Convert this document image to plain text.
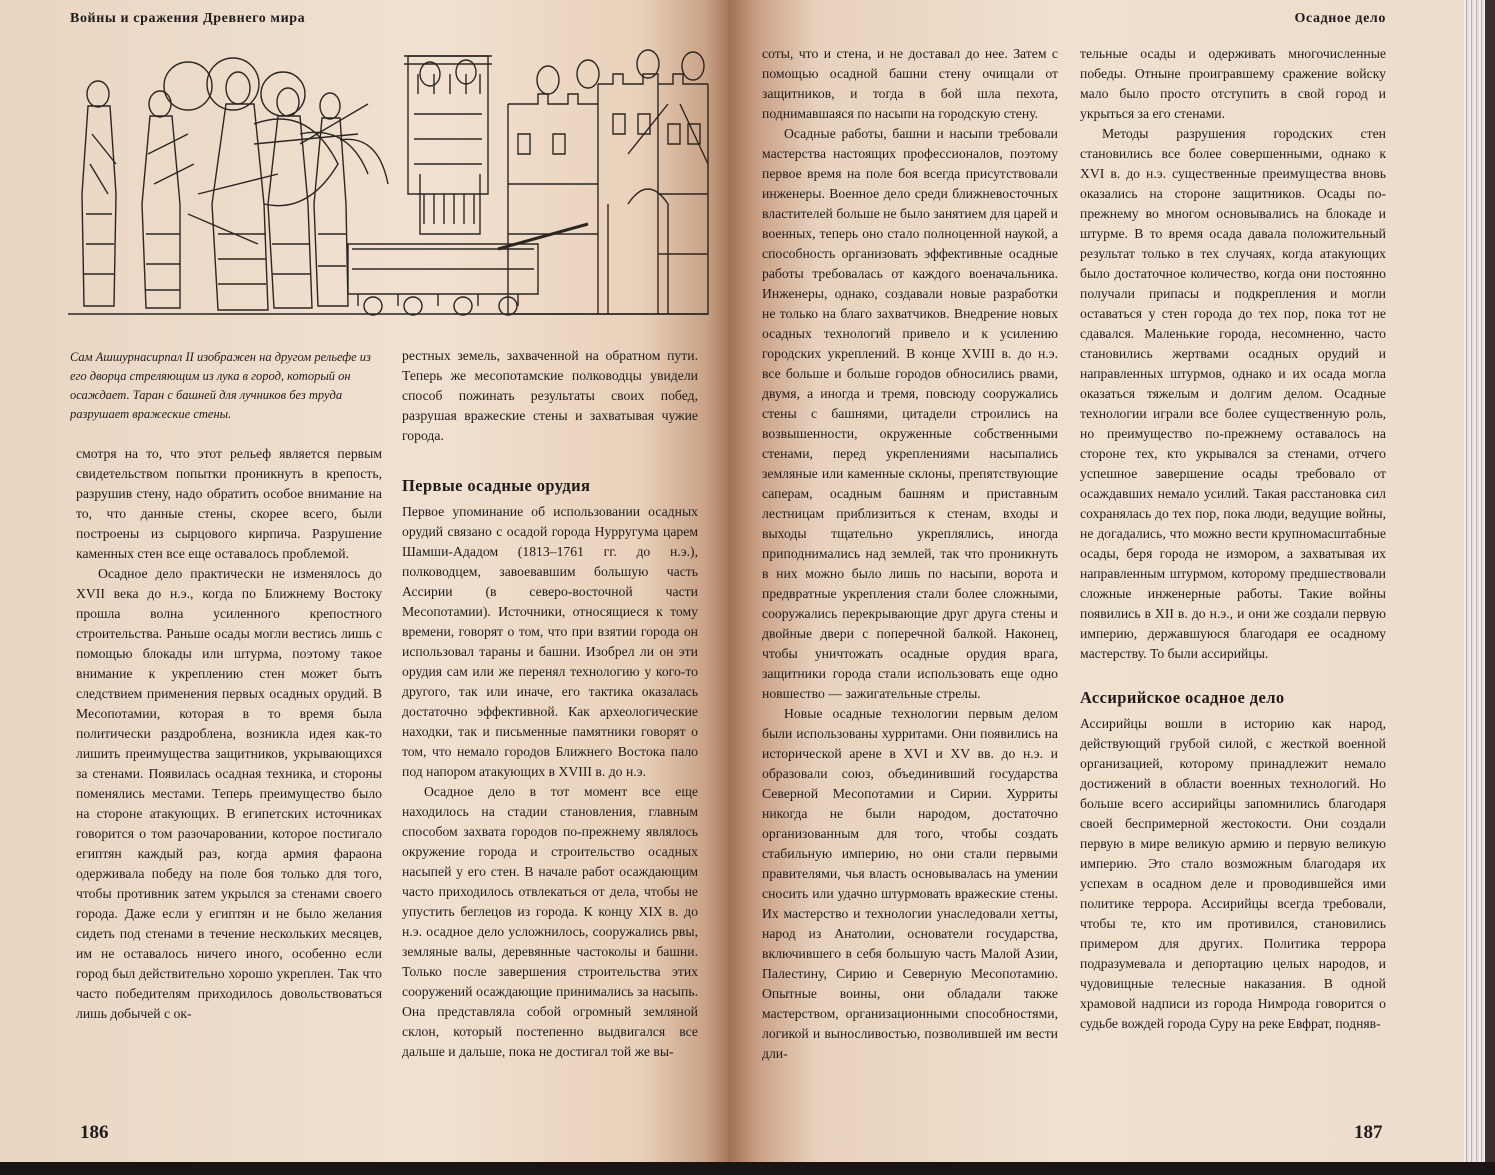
Войны и сражения Древнего мира
Сам Ашшурнасирпал II изображен на другом рельефе из его дворца стреляющим из лука в город, который он осаждает. Таран с башней для лучников без труда разрушает вражеские стены.

смотря на то, что этот рельеф является первым свидетельством попытки проникнуть в крепость, разрушив стену, надо обратить особое внимание на то, что данные стены, скорее всего, были построены из сырцового кирпича. Разрушение каменных стен все еще оставалось проблемой.

Осадное дело практически не изменялось до XVII века до н.э., когда по Ближнему Востоку прошла волна усиленного крепостного строительства. Раньше осады могли вестись лишь с помощью блокады или штурма, поэтому такое внимание к укреплению стен может быть следствием применения первых осадных орудий. В Месопотамии, которая в то время была политически раздроблена, возникла идея как-то лишить преимущества защитников, укрывающихся за стенами. Появилась осадная техника, и стороны поменялись местами. Теперь преимущество было на стороне атакующих. В египетских источниках говорится о том разочаровании, которое постигало египтян каждый раз, когда армия фараона одерживала победу на поле боя только для того, чтобы противник затем укрылся за стенами своего города. Даже если у египтян и не было желания сидеть под стенами в течение нескольких месяцев, им не оставалось ничего иного, особенно если город был действительно хорошо укреплен. Так что часто победителям приходилось довольствоваться лишь добычей с ок-

рестных земель, захваченной на обратном пути. Теперь же месопотамские полководцы увидели способ пожинать результаты своих побед, разрушая вражеские стены и захватывая чужие города.

Первые осадные орудия

Первое упоминание об использовании осадных орудий связано с осадой города Нурругума царем Шамши-Ададом (1813–1761 гг. до н.э.), полководцем, завоевавшим большую часть Ассирии (в северо-восточной части Месопотамии). Источники, относящиеся к тому времени, говорят о том, что при взятии города он использовал тараны и башни. Изобрел ли он эти орудия сам или же перенял технологию у кого-то другого, так или иначе, его тактика оказалась достаточно эффективной. Как археологические находки, так и письменные памятники говорят о том, что немало городов Ближнего Востока пало под напором атакующих в XVIII в. до н.э.

Осадное дело в тот момент все еще находилось на стадии становления, главным способом захвата городов по-прежнему являлось окружение города и строительство осадных насыпей у его стен. В начале работ осаждающим часто приходилось отвлекаться от дела, чтобы не упустить беглецов из города. К концу XIX в. до н.э. осадное дело усложнилось, сооружались рвы, земляные валы, деревянные частоколы и башни. Только после завершения строительства этих сооружений осаждающие принимались за насыпь. Она представляла собой огромный земляной склон, который постепенно выдвигался все дальше и дальше, пока не достигал той же вы-

186
Осадное дело

соты, что и стена, и не доставал до нее. Затем с помощью осадной башни стену очищали от защитников, и тогда в бой шла пехота, поднимавшаяся по насыпи на городскую стену.

Осадные работы, башни и насыпи требовали мастерства настоящих профессионалов, поэтому первое время на поле боя всегда присутствовали инженеры. Военное дело среди ближневосточных властителей больше не было занятием для царей и военных, теперь оно стало полноценной наукой, а способность организовать эффективные осадные работы требовалась от каждого военачальника. Инженеры, однако, создавали новые разработки не только на благо захватчиков. Внедрение новых осадных технологий привело и к усилению городских укреплений. В конце XVIII в. до н.э. все больше и больше городов обносились рвами, двумя, а иногда и тремя, повсюду сооружались стены с башнями, цитадели строились на возвышенности, окруженные собственными стенами, перед укреплениями насыпались земляные или каменные склоны, препятствующие саперам, осадным башням и приставным лестницам приблизиться к стенам, входы и выходы тщательно укреплялись, иногда приподнимались над землей, так что проникнуть в них можно было лишь по насыпи, ворота и предвратные укрепления стали более сложными, сооружались перекрывающие друг друга стены и двойные двери с поперечной балкой. Наконец, чтобы уничтожать осадные орудия врага, защитники города стали использовать еще одно новшество — зажигательные стрелы.

Новые осадные технологии первым делом были использованы хурритами. Они появились на исторической арене в XVI и XV вв. до н.э. и образовали союз, объединивший государства Северной Месопотамии и Сирии. Хурриты никогда не были народом, достаточно организованным для того, чтобы создать стабильную империю, но они стали первыми правителями, чья власть основывалась на умении сносить или удачно штурмовать вражеские стены. Их мастерство и технологии унаследовали хетты, народ из Анатолии, основатели государства, включившего в себя большую часть Малой Азии, Палестину, Сирию и Северную Месопотамию. Опытные воины, они обладали также мастерством, организационными способностями, логикой и выносливостью, позволившей им вести дли-

тельные осады и одерживать многочисленные победы. Отныне проигравшему сражение войску мало было просто отступить в свой город и укрыться за его стенами.

Методы разрушения городских стен становились все более совершенными, однако к XVI в. до н.э. существенные преимущества вновь оказались на стороне защитников. Осады по-прежнему во многом основывались на блокаде и штурме. В то время осада давала положительный результат только в тех случаях, когда атакующих было достаточное количество, когда они постоянно получали припасы и подкрепления и могли оставаться у стен города до тех пор, пока тот не сдавался. Маленькие города, несомненно, часто становились жертвами осадных орудий и направленных штурмов, однако и их осада могла оказаться тяжелым и долгим делом. Осадные технологии играли все более существенную роль, но преимущество по-прежнему оставалось на стороне тех, кто укрывался за стенами, отчего успешное завершение осады требовало от осаждавших немало усилий. Такая расстановка сил сохранялась до тех пор, пока люди, ведущие войны, не догадались, что можно вести крупномасштабные осады, беря города не измором, а захватывая их направленным штурмом, которому предшествовали сложные инженерные работы. Такие войны появились в XII в. до н.э., и они же создали первую империю, державшуюся благодаря ее осадному мастерству. То были ассирийцы.

Ассирийское осадное дело

Ассирийцы вошли в историю как народ, действующий грубой силой, с жесткой военной организацией, которому принадлежит немало достижений в области военных технологий. Но больше всего ассирийцы запомнились благодаря своей беспримерной жестокости. Они создали первую в мире великую армию и первую великую империю. Это стало возможным благодаря их успехам в осадном деле и проводившейся ими политике террора. Ассирийцы всегда требовали, чтобы те, кто им противился, становились примером для других. Политика террора подразумевала и депортацию целых народов, и чудовищные телесные наказания. В одной храмовой надписи из города Нимрода говорится о судьбе вождей города Суру на реке Евфрат, подняв-

187
